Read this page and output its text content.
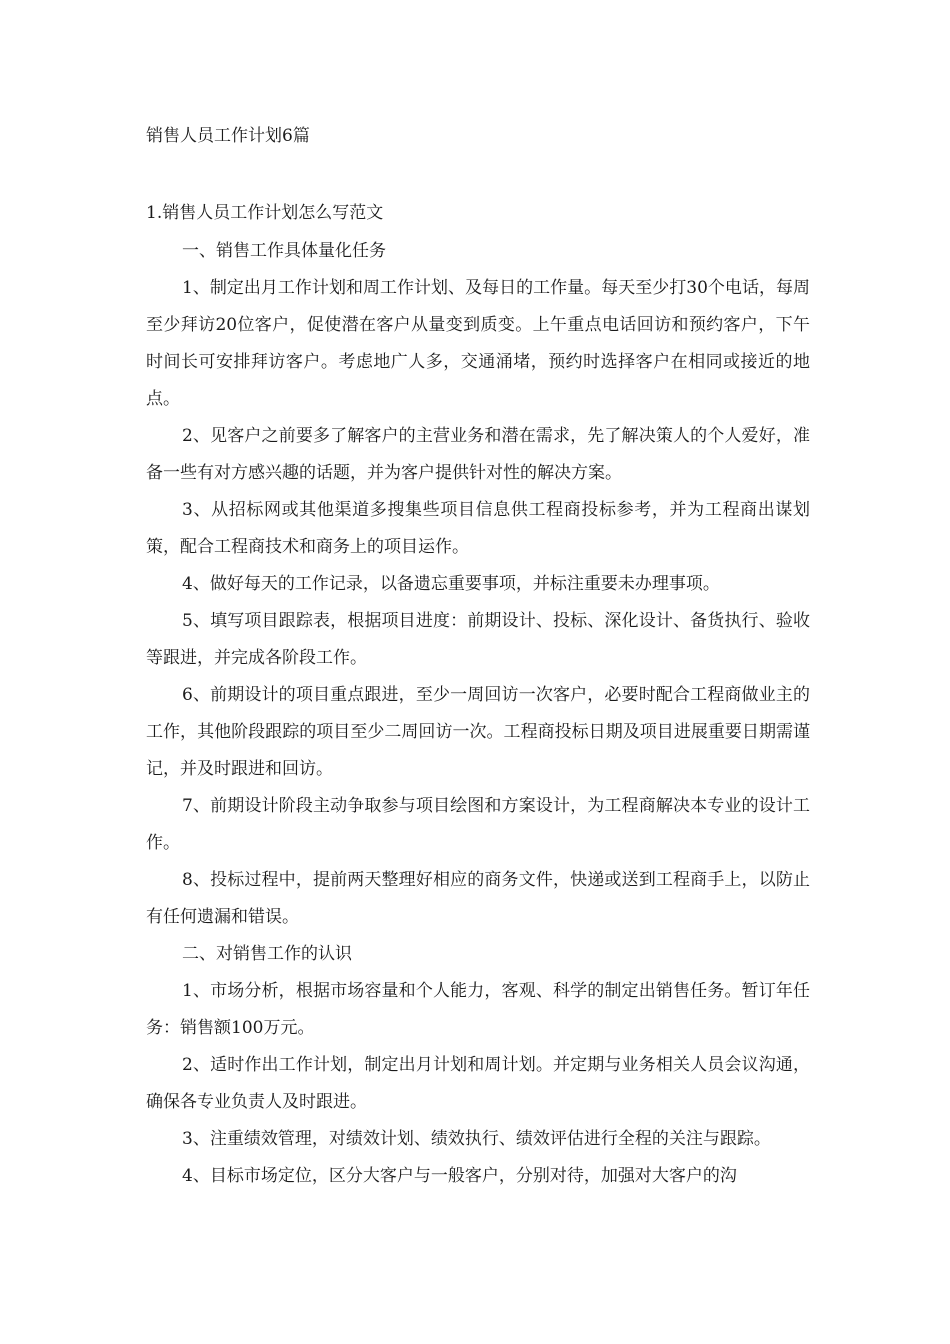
销售人员工作计划6篇
1.销售人员工作计划怎么写范文
一、销售工作具体量化任务

1、制定出月工作计划和周工作计划、及每日的工作量。每天至少打30个电话，每周至少拜访20位客户，促使潜在客户从量变到质变。上午重点电话回访和预约客户，下午时间长可安排拜访客户。考虑地广人多，交通涌堵，预约时选择客户在相同或接近的地点。

2、见客户之前要多了解客户的主营业务和潜在需求，先了解决策人的个人爱好，准备一些有对方感兴趣的话题，并为客户提供针对性的解决方案。

3、从招标网或其他渠道多搜集些项目信息供工程商投标参考，并为工程商出谋划策，配合工程商技术和商务上的项目运作。

4、做好每天的工作记录，以备遗忘重要事项，并标注重要未办理事项。

5、填写项目跟踪表，根据项目进度：前期设计、投标、深化设计、备货执行、验收等跟进，并完成各阶段工作。

6、前期设计的项目重点跟进，至少一周回访一次客户，必要时配合工程商做业主的工作，其他阶段跟踪的项目至少二周回访一次。工程商投标日期及项目进展重要日期需谨记，并及时跟进和回访。

7、前期设计阶段主动争取参与项目绘图和方案设计，为工程商解决本专业的设计工作。

8、投标过程中，提前两天整理好相应的商务文件，快递或送到工程商手上，以防止有任何遗漏和错误。

二、对销售工作的认识

1、市场分析，根据市场容量和个人能力，客观、科学的制定出销售任务。暂订年任务：销售额100万元。

2、适时作出工作计划，制定出月计划和周计划。并定期与业务相关人员会议沟通，确保各专业负责人及时跟进。

3、注重绩效管理，对绩效计划、绩效执行、绩效评估进行全程的关注与跟踪。

4、目标市场定位，区分大客户与一般客户，分别对待，加强对大客户的沟
